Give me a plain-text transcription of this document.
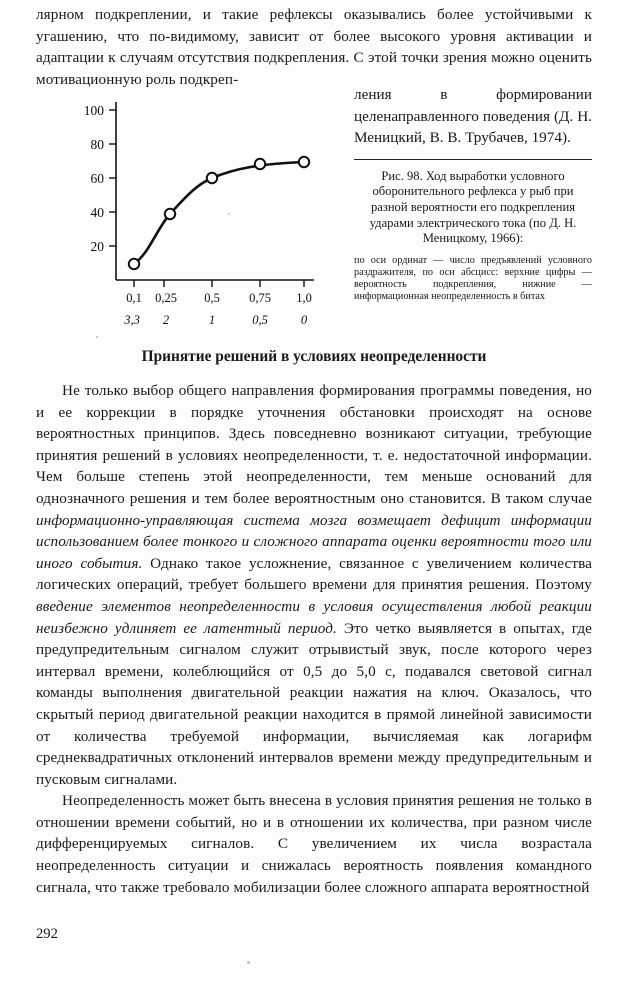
лярном подкреплении, и такие рефлексы оказывались более устойчивыми к угашению, что по-видимому, зависит от более высокого уровня активации и адаптации к случаям отсутствия подкрепления. С этой точки зрения можно оценить мотивационную роль подкреп-

100
80
60
40
20
0,1 0,25 0,5 0,75 1,0
3,3 2	1	0,5	0

ления в формировании целенаправленного поведения (Д. Н. Меницкий, В. В. Трубачев, 1974).

Рис. 98. Ход выработки условного оборонительного рефлекса у рыб при разной вероятности его подкрепления ударами электрического тока (по Д. Н. Меницкому, 1966):

по оси ординат — число предъявлений условного раздражителя, по оси абсцисс: верхние цифры — вероятность подкрепления, нижние — информационная неопределенность в битах

Принятие решений в условиях неопределенности

Не только выбор общего направления формирования программы поведения, но и ее коррекции в порядке уточнения обстановки происходят на основе вероятностных принципов. Здесь повседневно возникают ситуации, требующие принятия решений в условиях неопределенности, т. е. недостаточной информации. Чем больше степень этой неопределенности, тем меньше оснований для однозначного решения и тем более вероятностным оно становится. В таком случае информационно-управляющая система мозга возмещает дефицит информации использованием более тонкого и сложного аппарата оценки вероятности того или иного события. Однако такое усложнение, связанное с увеличением количества логических операций, требует большего времени для принятия решения. Поэтому введение элементов неопределенности в условия осуществления любой реакции неизбежно удлиняет ее латентный период. Это четко выявляется в опытах, где предупредительным сигналом служит отрывистый звук, после которого через интервал времени, колеблющийся от 0,5 до 5,0 с, подавался световой сигнал команды выполнения двигательной реакции нажатия на ключ. Оказалось, что скрытый период двигательной реакции находится в прямой линейной зависимости от количества требуемой информации, вычисляемая как логарифм среднеквадратичных отклонений интервалов времени между предупредительным и пусковым сигналами.

Неопределенность может быть внесена в условия принятия решения не только в отношении времени событий, но и в отношении их количества, при разном числе дифференцируемых сигналов. С увеличением их числа возрастала неопределенность ситуации и снижалась вероятность появления командного сигнала, что также требовало мобилизации более сложного аппарата вероятностной

292
